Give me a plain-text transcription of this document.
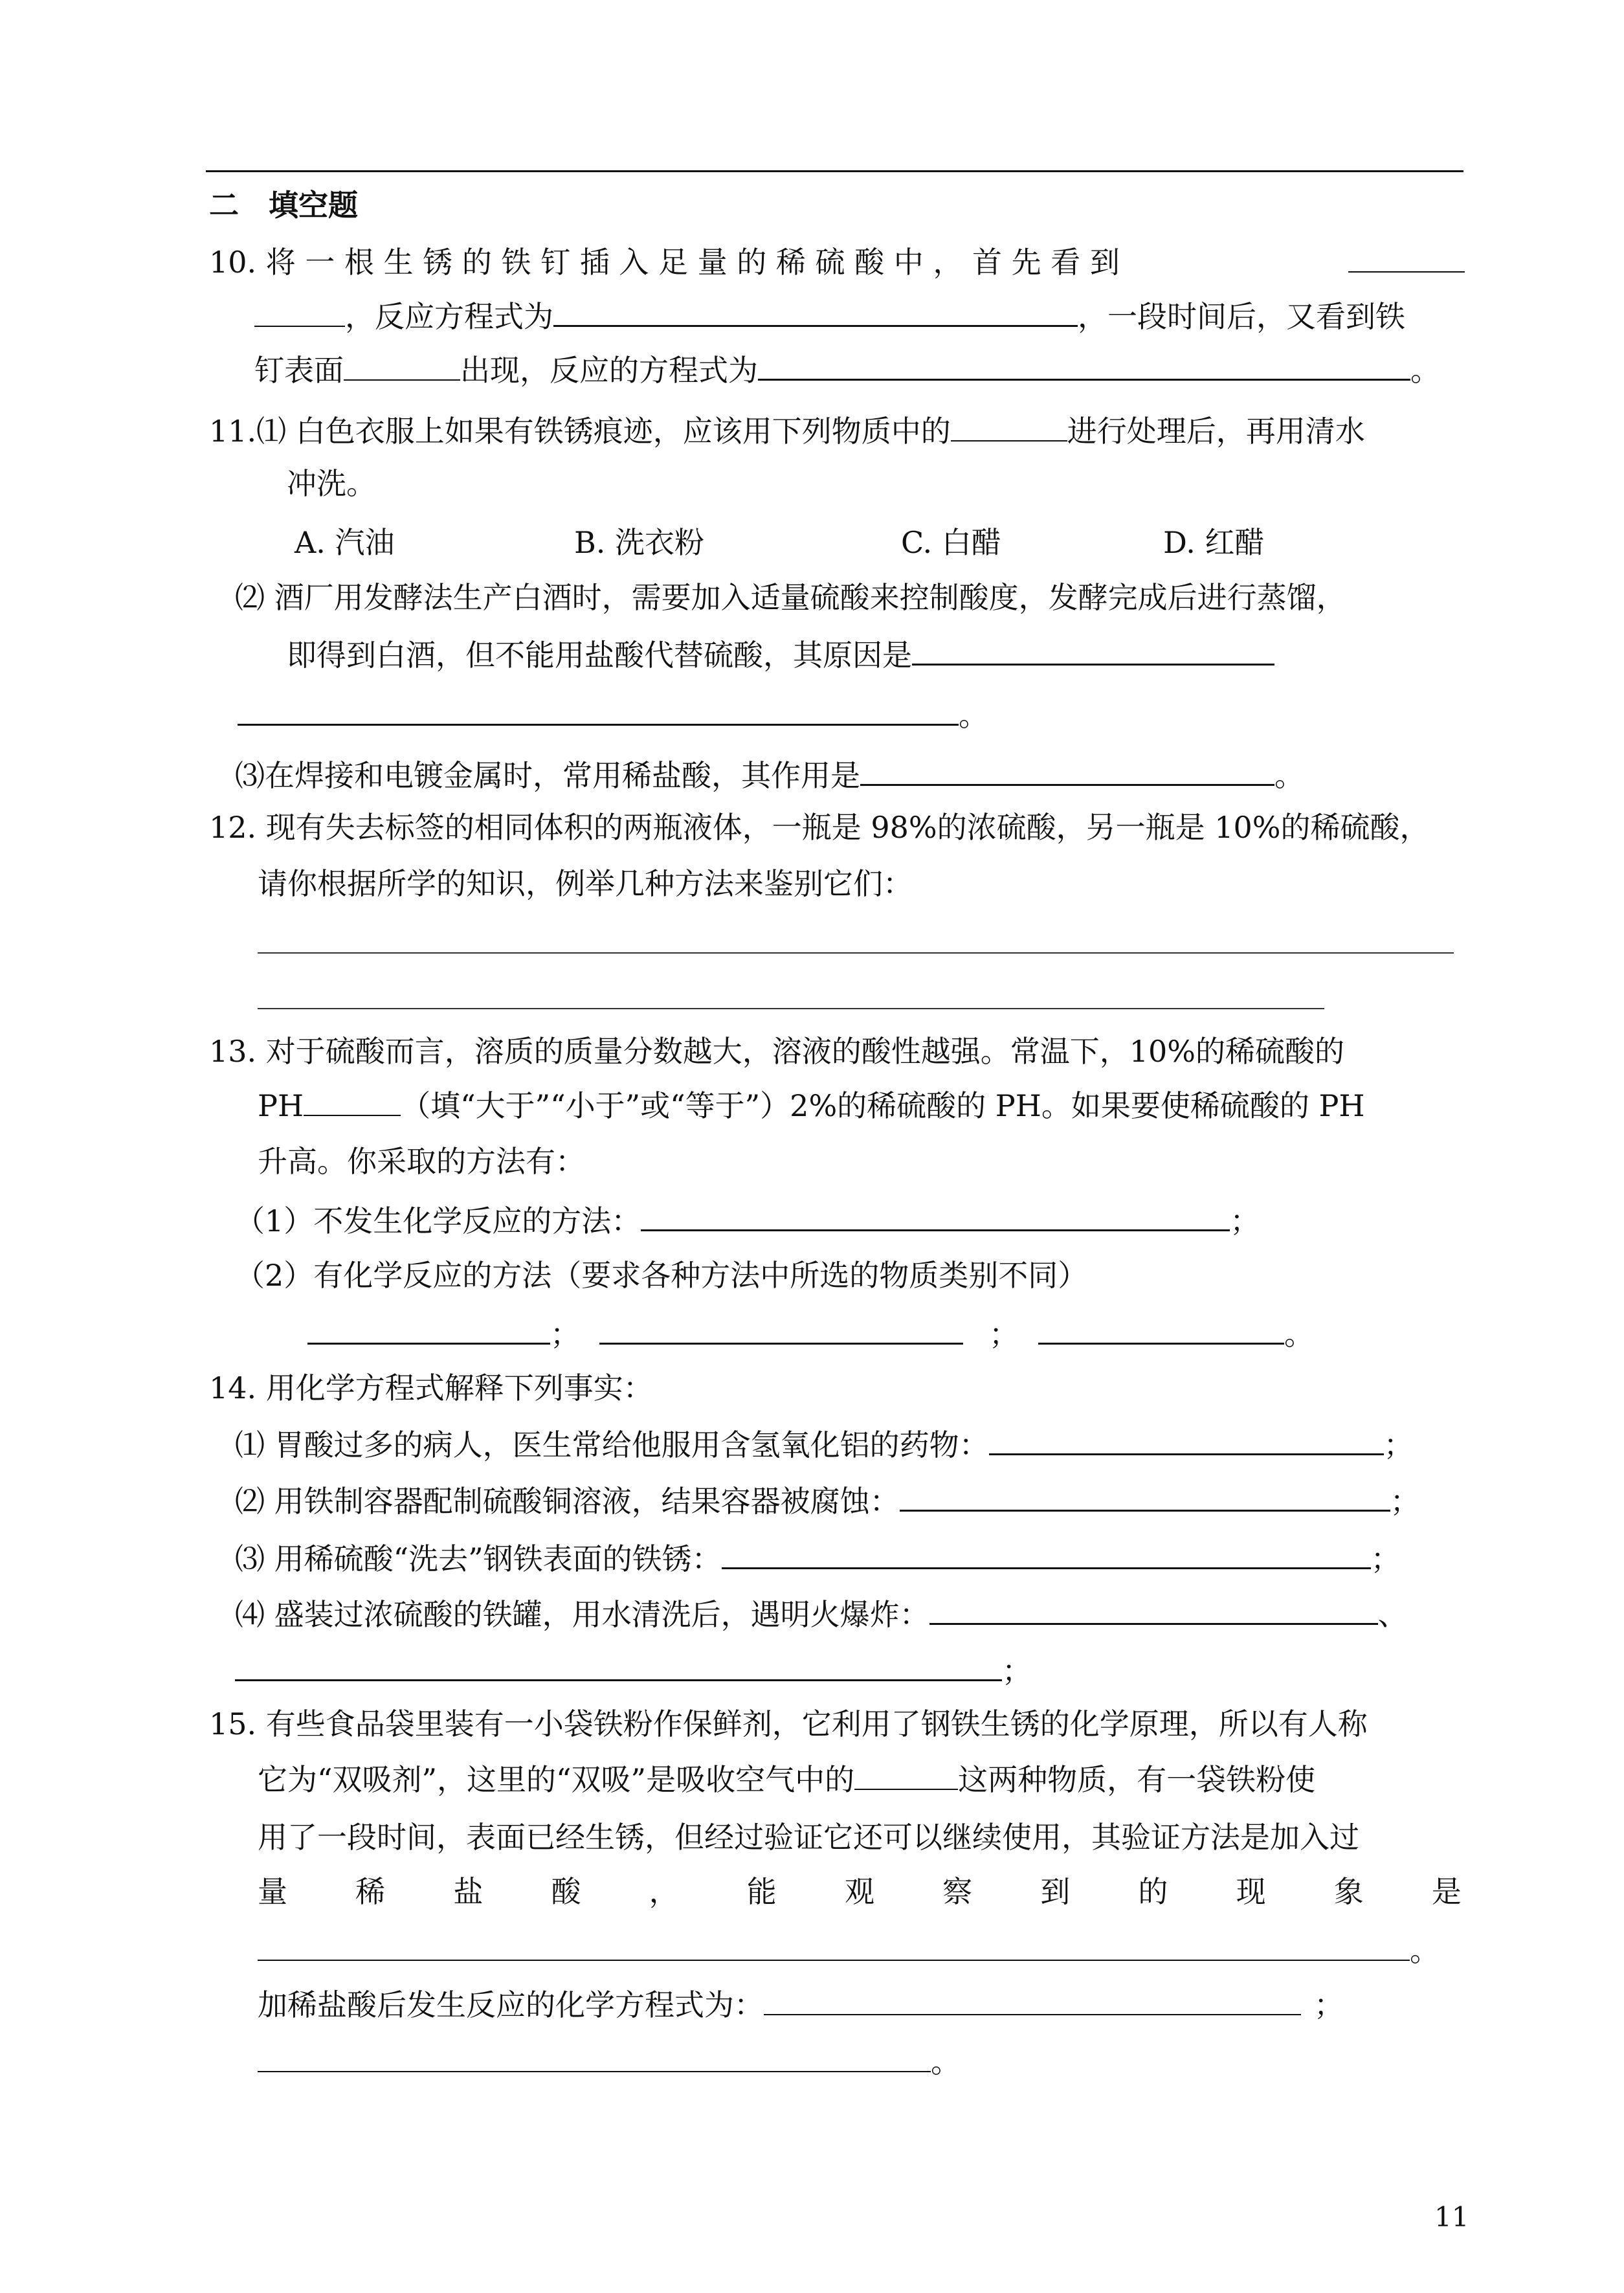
二　填空题
10. 将 一 根 生 锈 的 铁 钉 插 入 足 量 的 稀 硫 酸 中 ， 首 先 看 到
，反应方程式为	，一段时间后，又看到铁
钉表面	出现，反应的方程式为	。
11.⑴ 白色衣服上如果有铁锈痕迹，应该用下列物质中的	进行处理后，再用清水
冲洗。
A. 汽油	B. 洗衣粉	C. 白醋	D. 红醋
⑵ 酒厂用发酵法生产白酒时，需要加入适量硫酸来控制酸度，发酵完成后进行蒸馏，
即得到白酒，但不能用盐酸代替硫酸，其原因是
。
⑶在焊接和电镀金属时，常用稀盐酸，其作用是	。
12. 现有失去标签的相同体积的两瓶液体，一瓶是 98%的浓硫酸，另一瓶是 10%的稀硫酸，
请你根据所学的知识，例举几种方法来鉴别它们：
13. 对于硫酸而言，溶质的质量分数越大，溶液的酸性越强。常温下，10%的稀硫酸的
PH	（填“大于”“小于”或“等于”）2%的稀硫酸的 PH。如果要使稀硫酸的 PH
升高。你采取的方法有：
（1）不发生化学反应的方法：	；
（2）有化学反应的方法（要求各种方法中所选的物质类别不同）
；	；	。
14. 用化学方程式解释下列事实：
⑴ 胃酸过多的病人，医生常给他服用含氢氧化铝的药物：	；
⑵ 用铁制容器配制硫酸铜溶液，结果容器被腐蚀：	；
⑶ 用稀硫酸“洗去”钢铁表面的铁锈：	；
⑷ 盛装过浓硫酸的铁罐，用水清洗后，遇明火爆炸：	、
；
15. 有些食品袋里装有一小袋铁粉作保鲜剂，它利用了钢铁生锈的化学原理，所以有人称
它为“双吸剂”，这里的“双吸”是吸收空气中的	这两种物质，有一袋铁粉使
用了一段时间，表面已经生锈，但经过验证它还可以继续使用，其验证方法是加入过
量 稀 盐 酸 ， 能 观 察 到 的 现 象 是
。
加稀盐酸后发生反应的化学方程式为：	；
。
11
